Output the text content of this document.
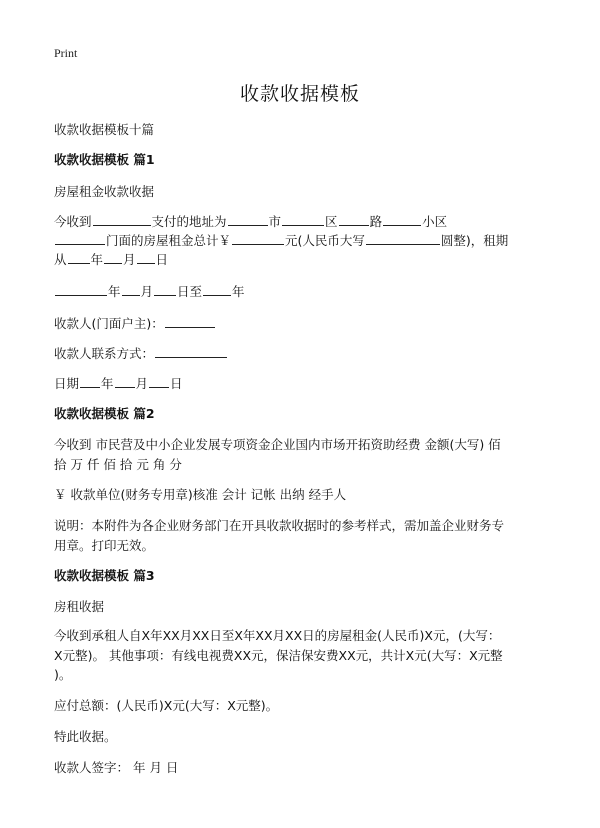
Print
收款收据模板
收款收据模板十篇
收款收据模板 篇1
房屋租金收款收据
今收到	支付的地址为	市	区	路	小区
门面的房屋租金总计￥	元(人民币大写	圆整)，租期
从 年 月 日
年 月 日至 年
收款人(门面户主)：
收款人联系方式：
日期 年 月 日
收款收据模板 篇2
今收到 市民营及中小企业发展专项资金企业国内市场开拓资助经费 金额(大写) 佰
拾 万 仟 佰 拾 元 角 分
￥ 收款单位(财务专用章)核准 会计 记帐 出纳 经手人
说明：本附件为各企业财务部门在开具收款收据时的参考样式，需加盖企业财务专
用章。打印无效。
收款收据模板 篇3
房租收据
今收到承租人自X年XX月XX日至X年XX月XX日的房屋租金(人民币)X元，(大写：
X元整)。 其他事项：有线电视费XX元，保洁保安费XX元，共计X元(大写：X元整
)。
应付总额：(人民币)X元(大写：X元整)。
特此收据。
收款人签字： 年 月 日
